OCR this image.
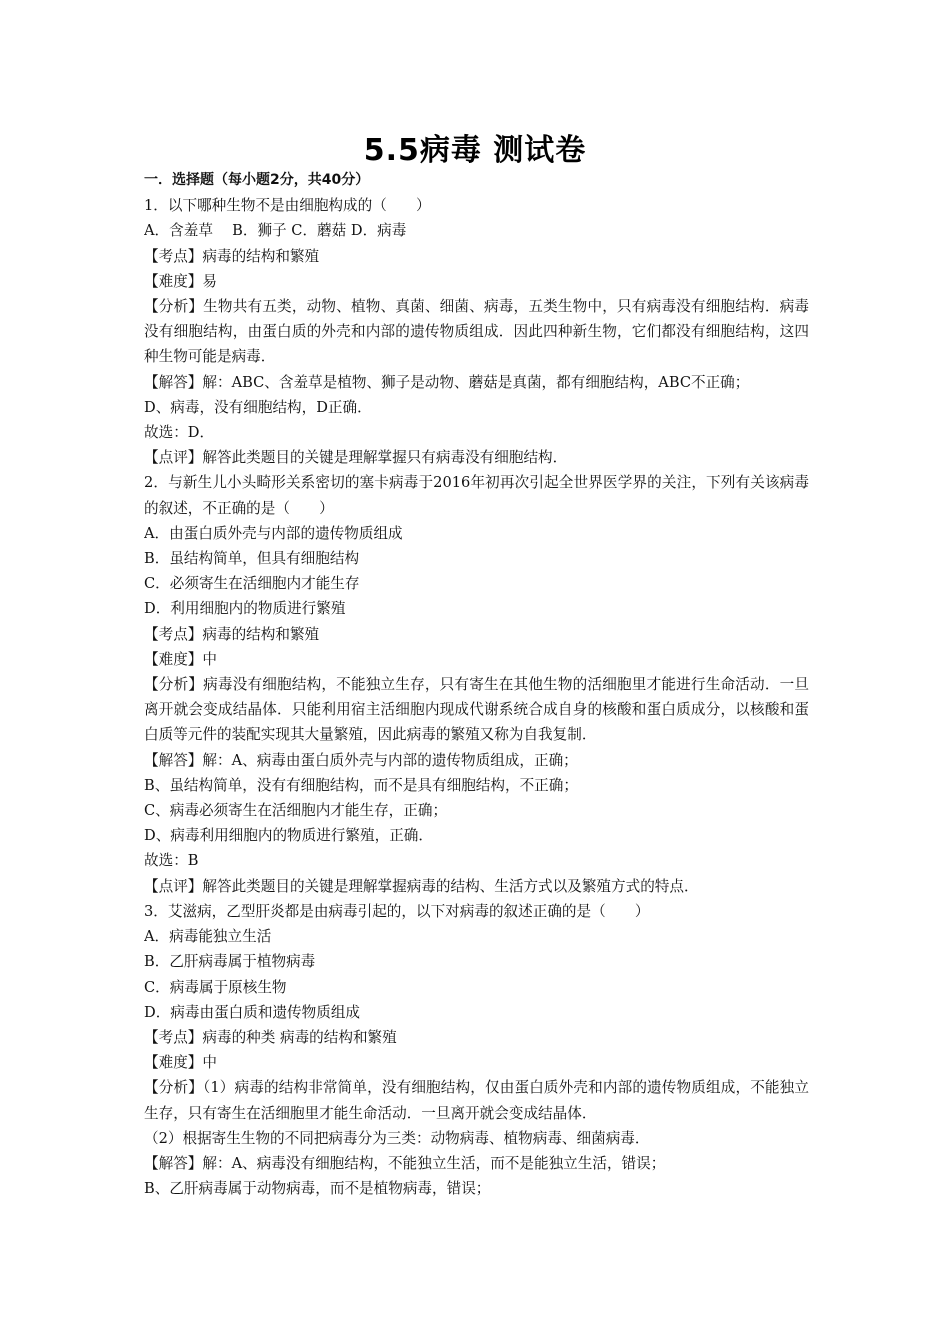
5.5病毒 测试卷
一．选择题（每小题2分，共40分）
1．以下哪种生物不是由细胞构成的（　　）
A．含羞草　 B．狮子 C．蘑菇 D．病毒
【考点】病毒的结构和繁殖
【难度】易
【分析】生物共有五类，动物、植物、真菌、细菌、病毒，五类生物中，只有病毒没有细胞结构．病毒没有细胞结构，由蛋白质的外壳和内部的遗传物质组成．因此四种新生物，它们都没有细胞结构，这四种生物可能是病毒．
【解答】解：ABC、含羞草是植物、狮子是动物、蘑菇是真菌，都有细胞结构，ABC不正确；
D、病毒，没有细胞结构，D正确．
故选：D．
【点评】解答此类题目的关键是理解掌握只有病毒没有细胞结构．
2．与新生儿小头畸形关系密切的塞卡病毒于2016年初再次引起全世界医学界的关注，下列有关该病毒的叙述，不正确的是（　　）
A．由蛋白质外壳与内部的遗传物质组成
B．虽结构简单，但具有细胞结构
C．必须寄生在活细胞内才能生存
D．利用细胞内的物质进行繁殖
【考点】病毒的结构和繁殖
【难度】中
【分析】病毒没有细胞结构，不能独立生存，只有寄生在其他生物的活细胞里才能进行生命活动．一旦离开就会变成结晶体．只能利用宿主活细胞内现成代谢系统合成自身的核酸和蛋白质成分，以核酸和蛋白质等元件的装配实现其大量繁殖，因此病毒的繁殖又称为自我复制．
【解答】解：A、病毒由蛋白质外壳与内部的遗传物质组成，正确；
B、虽结构简单，没有有细胞结构，而不是具有细胞结构，不正确；
C、病毒必须寄生在活细胞内才能生存，正确；
D、病毒利用细胞内的物质进行繁殖，正确．
故选：B
【点评】解答此类题目的关键是理解掌握病毒的结构、生活方式以及繁殖方式的特点．
3．艾滋病，乙型肝炎都是由病毒引起的，以下对病毒的叙述正确的是（　　）
A．病毒能独立生活
B．乙肝病毒属于植物病毒
C．病毒属于原核生物
D．病毒由蛋白质和遗传物质组成
【考点】病毒的种类 病毒的结构和繁殖
【难度】中
【分析】（1）病毒的结构非常简单，没有细胞结构，仅由蛋白质外壳和内部的遗传物质组成，不能独立生存，只有寄生在活细胞里才能生命活动．一旦离开就会变成结晶体．
（2）根据寄生生物的不同把病毒分为三类：动物病毒、植物病毒、细菌病毒．
【解答】解：A、病毒没有细胞结构，不能独立生活，而不是能独立生活，错误；
B、乙肝病毒属于动物病毒，而不是植物病毒，错误；
